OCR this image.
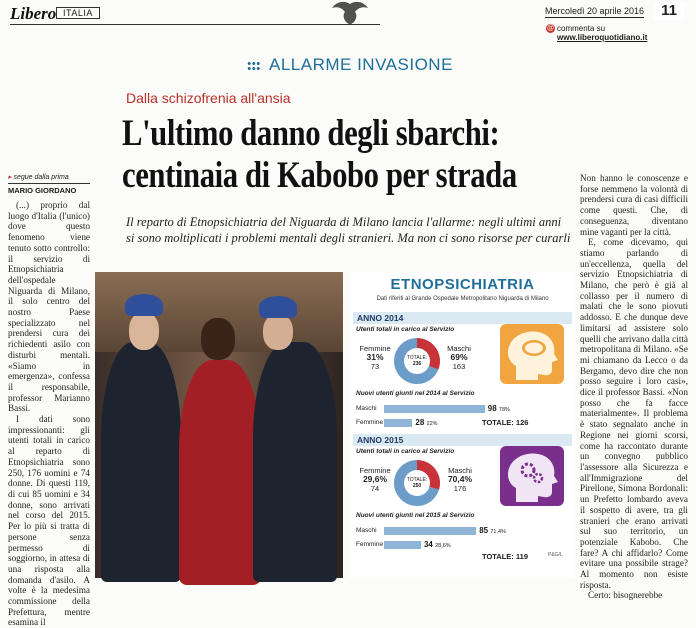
Libero ITALIA	Mercoledì 20 aprile 2016	11
@ commenta su www.liberoquotidiano.it
ALLARME INVASIONE
Dalla schizofrenia all'ansia
L'ultimo danno degli sbarchi:
centinaia di Kabobo per strada
Il reparto di Etnopsichiatria del Niguarda di Milano lancia l'allarme: negli ultimi anni si sono moltiplicati i problemi mentali degli stranieri. Ma non ci sono risorse per curarli
▸ segue dalla prima
MARIO GIORDANO

(...) proprio dal luogo d'Italia (l'unico) dove questo fenomeno viene tenuto sotto controllo: il servizio di Etnopsichiatria dell'ospedale Niguarda di Milano, il solo centro del nostro Paese specializzato nel prendersi cura dei richiedenti asilo con disturbi mentali. «Siamo in emergenza», confessa il responsabile, professor Marianno Bassi.

I dati sono impressionanti: gli utenti totali in carico al reparto di Etnopsichiatria sono 250, 176 uomini e 74 donne. Di questi 119, di cui 85 uomini e 34 donne, sono arrivati nel corso del 2015. Per lo più si tratta di persone senza permesso di soggiorno, in attesa di una risposta alla domanda d'asilo. A volte è la medesima commissione della Prefettura, mentre esamina il

ETNOPSICHIATRIA
Dati riferiti al Grande Ospedale Metropolitano Niguarda di Milano
ANNO 2014
Utenti totali in carico al Servizio
Femmine
31%
73
TOTALE:
236
Maschi
69%
163
Nuovi utenti giunti nel 2014 al Servizio
Maschi	98 78%
Femmine	28 22%	TOTALE: 126
ANNO 2015
Utenti totali in carico al Servizio
Femmine
29,6%
74
TOTALE:
250
Maschi
70,4%
176
Nuovi utenti giunti nel 2015 al Servizio
Maschi	85 71,4%
Femmine	34 28,6%
TOTALE: 119	P&G/L

Non hanno le conoscenze e forse nemmeno la volontà di prendersi cura di casi difficili come questi. Che, di conseguenza, diventano mine vaganti per la città.

E, come dicevamo, qui stiamo parlando di un'eccellenza, quella del servizio Etnopsichiatria di Milano, che però è già al collasso per il numero di malati che le sono piovuti addosso. E che dunque deve limitarsi ad assistere solo quelli che arrivano dalla città metropolitana di Milano. «Se mi chiamano da Lecco o da Bergamo, devo dire che non posso seguire i loro casi», dice il professor Bassi. «Non posso che fa facce materialmente». Il problema è stato segnalato anche in Regione nei giorni scorsi, come ha raccontato durante un convegno pubblico l'assessore alla Sicurezza e all'Immigrazione del Pirellone, Simona Bordonali: un Prefetto lombardo aveva il sospetto di avere, tra gli stranieri che erano arrivati sul suo territorio, un potenziale Kabobo. Che fare? A chi affidarlo? Come evitare una possibile strage? Al momento non esiste risposta.

Certo: bisognerebbe
